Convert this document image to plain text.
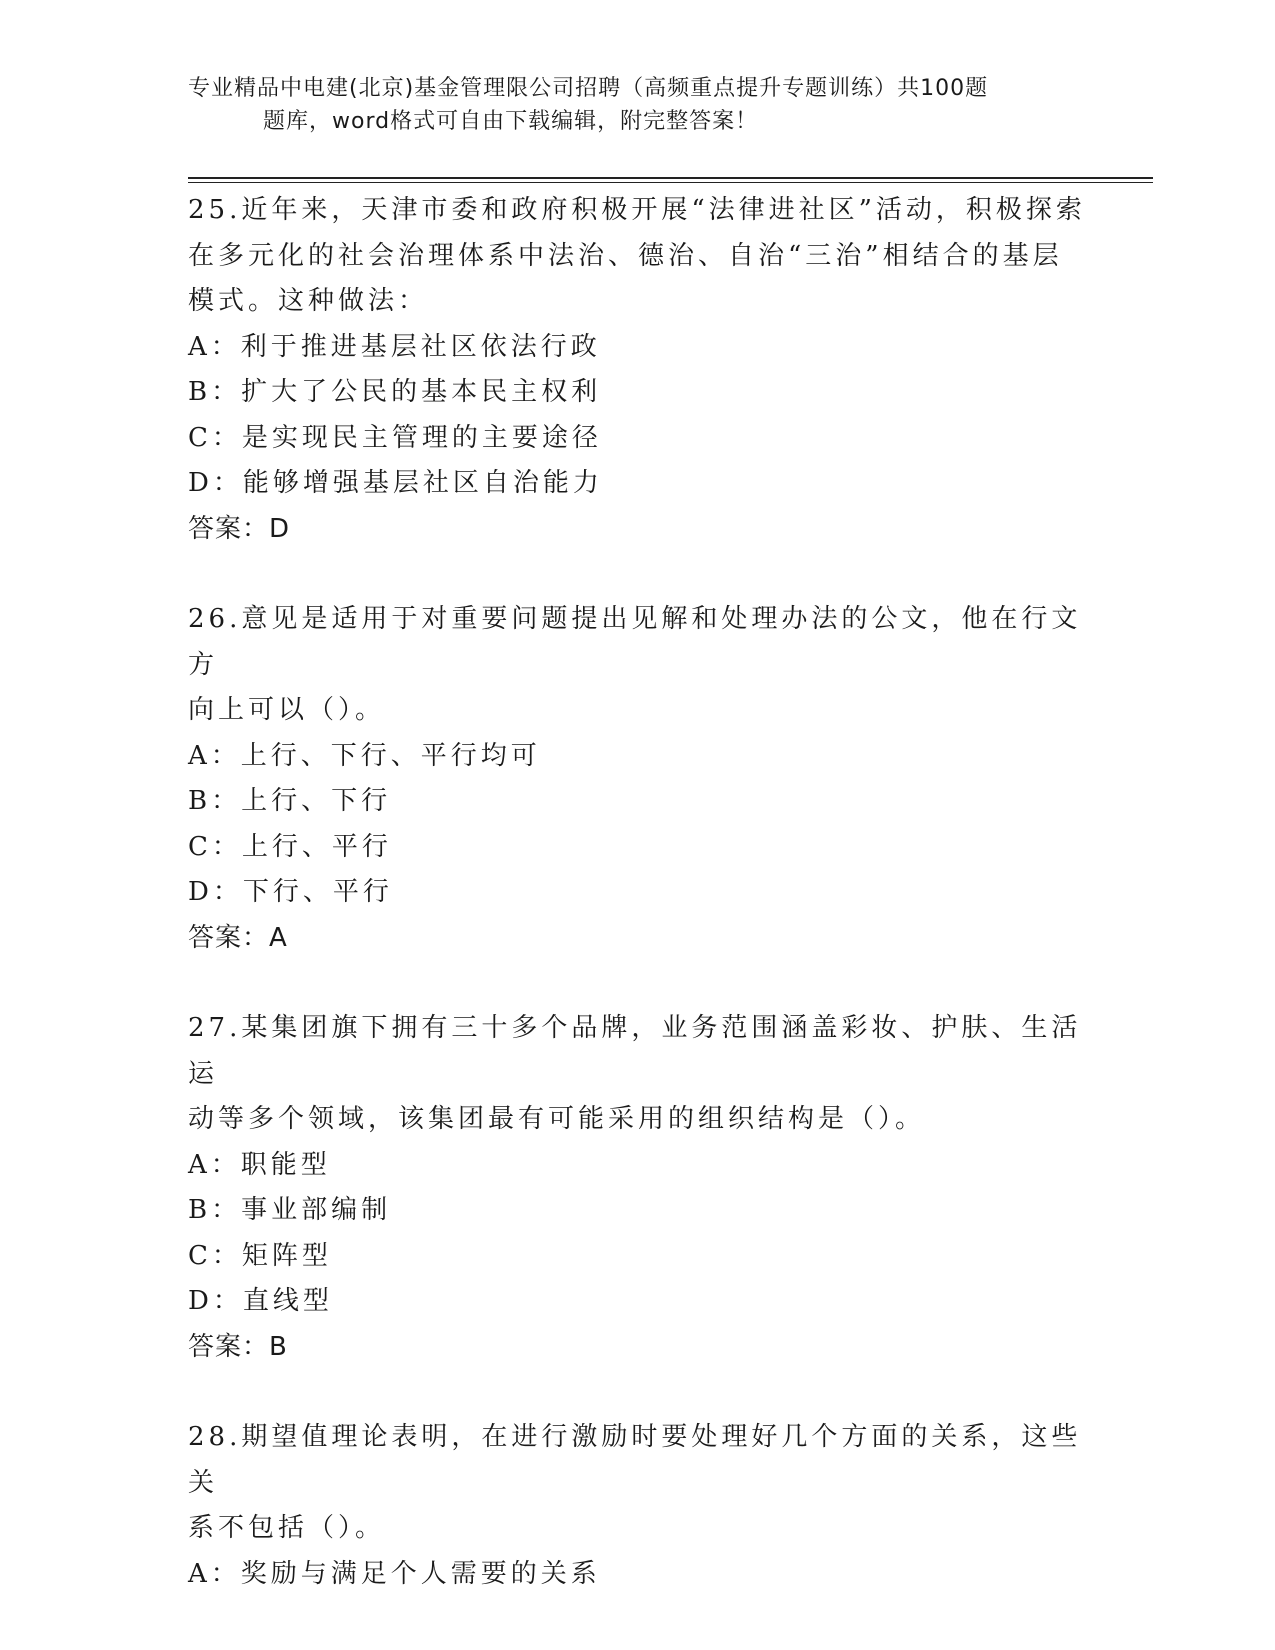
专业精品中电建(北京)基金管理限公司招聘（高频重点提升专题训练）共100题
题库，word格式可自由下载编辑，附完整答案！
25.近年来，天津市委和政府积极开展“法律进社区”活动，积极探索
在多元化的社会治理体系中法治、德治、自治“三治”相结合的基层
模式。这种做法：
A：利于推进基层社区依法行政
B：扩大了公民的基本民主权利
C：是实现民主管理的主要途径
D：能够增强基层社区自治能力
答案：D
26.意见是适用于对重要问题提出见解和处理办法的公文，他在行文方
向上可以（）。
A：上行、下行、平行均可
B：上行、下行
C：上行、平行
D：下行、平行
答案：A
27.某集团旗下拥有三十多个品牌，业务范围涵盖彩妆、护肤、生活运
动等多个领域，该集团最有可能采用的组织结构是（）。
A：职能型
B：事业部编制
C：矩阵型
D：直线型
答案：B
28.期望值理论表明，在进行激励时要处理好几个方面的关系，这些关
系不包括（）。
A：奖励与满足个人需要的关系
